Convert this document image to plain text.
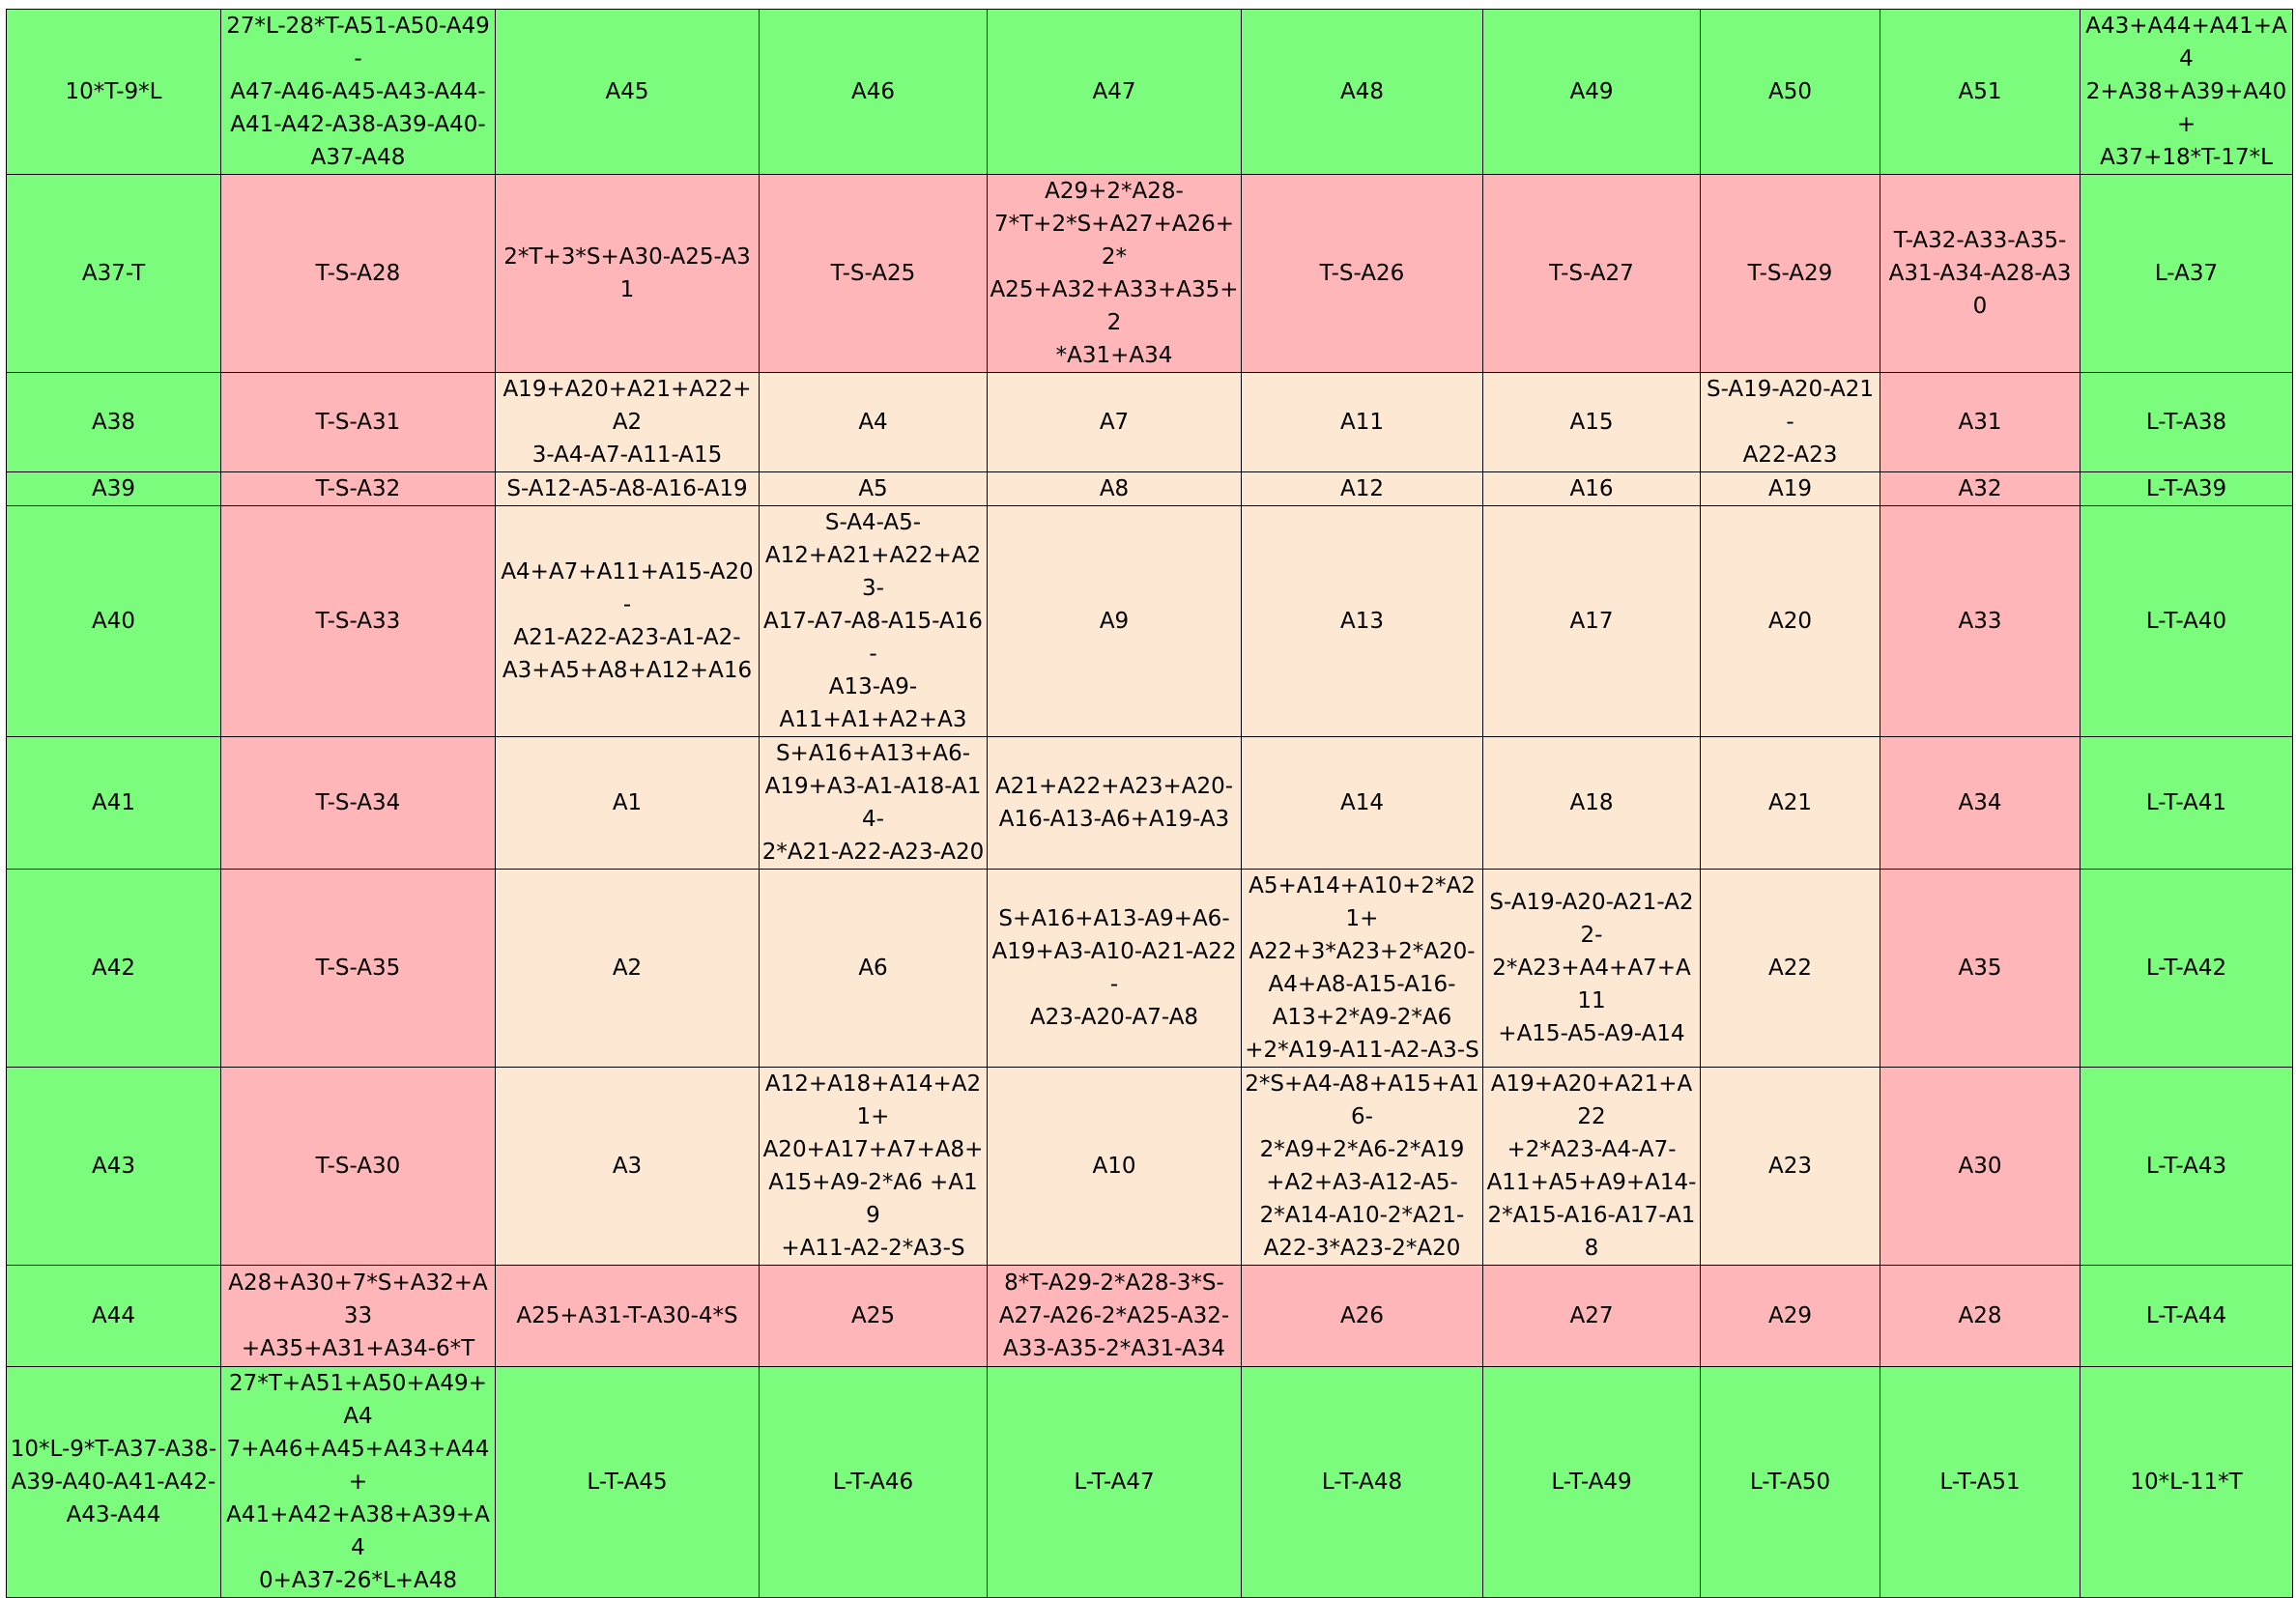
10*T-9*L	27*L-28*T-A51-A50-A49-
A47-A46-A45-A43-A44-
A41-A42-A38-A39-A40-
A37-A48	A45	A46	A47	A48	A49	A50	A51	A43+A44+A41+A4
2+A38+A39+A40+
A37+18*T-17*L
A37-T	T-S-A28	2*T+3*S+A30-A25-A31	T-S-A25	A29+2*A28-
7*T+2*S+A27+A26+2*
A25+A32+A33+A35+2
*A31+A34	T-S-A26	T-S-A27	T-S-A29	T-A32-A33-A35-
A31-A34-A28-A30	L-A37
A38	T-S-A31	A19+A20+A21+A22+A2
3-A4-A7-A11-A15	A4	A7	A11	A15	S-A19-A20-A21-
A22-A23	A31	L-T-A38
A39	T-S-A32	S-A12-A5-A8-A16-A19	A5	A8	A12	A16	A19	A32	L-T-A39
A40	T-S-A33	A4+A7+A11+A15-A20-
A21-A22-A23-A1-A2-
A3+A5+A8+A12+A16	S-A4-A5-
A12+A21+A22+A23-
A17-A7-A8-A15-A16-
A13-A9-
A11+A1+A2+A3	A9	A13	A17	A20	A33	L-T-A40
A41	T-S-A34	A1	S+A16+A13+A6-
A19+A3-A1-A18-A14-
2*A21-A22-A23-A20	A21+A22+A23+A20-
A16-A13-A6+A19-A3	A14	A18	A21	A34	L-T-A41
A42	T-S-A35	A2	A6	S+A16+A13-A9+A6-
A19+A3-A10-A21-A22-
A23-A20-A7-A8	A5+A14+A10+2*A21+
A22+3*A23+2*A20-
A4+A8-A15-A16-
A13+2*A9-2*A6
+2*A19-A11-A2-A3-S	S-A19-A20-A21-A22-
2*A23+A4+A7+A11
+A15-A5-A9-A14	A22	A35	L-T-A42
A43	T-S-A30	A3	A12+A18+A14+A21+
A20+A17+A7+A8+
A15+A9-2*A6 +A19
+A11-A2-2*A3-S	A10	2*S+A4-A8+A15+A16-
2*A9+2*A6-2*A19
+A2+A3-A12-A5-
2*A14-A10-2*A21-
A22-3*A23-2*A20	A19+A20+A21+A22
+2*A23-A4-A7-
A11+A5+A9+A14-
2*A15-A16-A17-A18	A23	A30	L-T-A43
A44	A28+A30+7*S+A32+A33
+A35+A31+A34-6*T	A25+A31-T-A30-4*S	A25	8*T-A29-2*A28-3*S-
A27-A26-2*A25-A32-
A33-A35-2*A31-A34	A26	A27	A29	A28	L-T-A44
10*L-9*T-A37-A38-
A39-A40-A41-A42-
A43-A44	27*T+A51+A50+A49+A4
7+A46+A45+A43+A44+
A41+A42+A38+A39+A4
0+A37-26*L+A48	L-T-A45	L-T-A46	L-T-A47	L-T-A48	L-T-A49	L-T-A50	L-T-A51	10*L-11*T
